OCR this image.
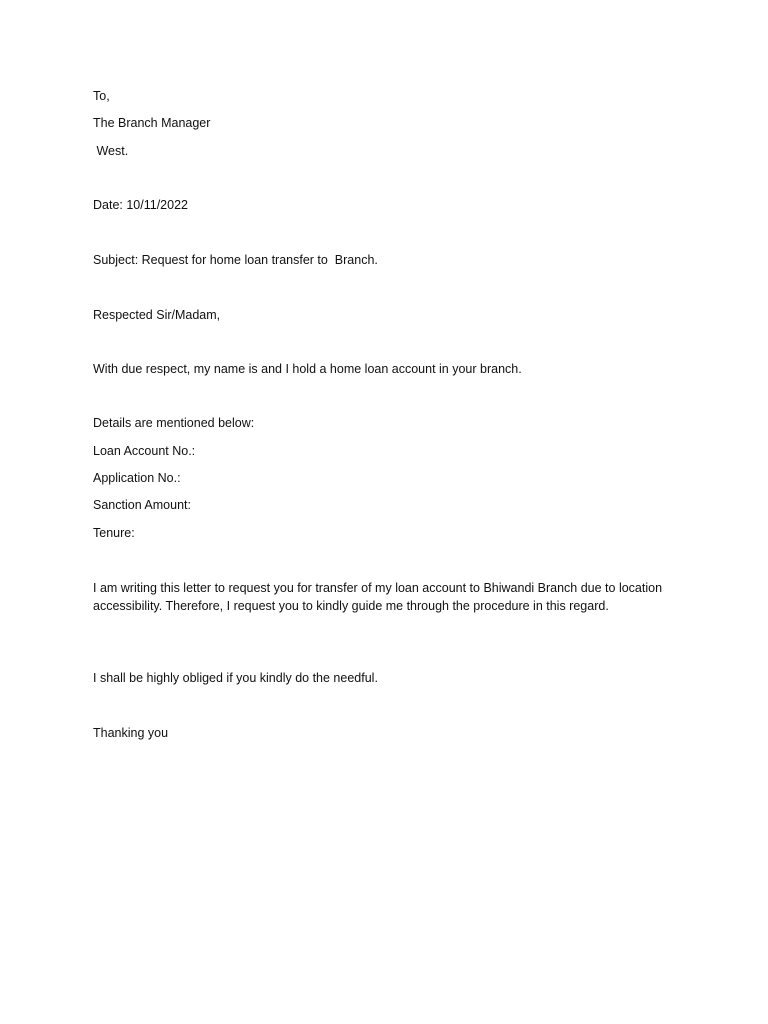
To,
The Branch Manager
West.
Date: 10/11/2022
Subject: Request for home loan transfer to  Branch.
Respected Sir/Madam,
With due respect, my name is and I hold a home loan account in your branch.
Details are mentioned below:
Loan Account No.:
Application No.:
Sanction Amount:
Tenure:
I am writing this letter to request you for transfer of my loan account to Bhiwandi Branch due to location accessibility. Therefore, I request you to kindly guide me through the procedure in this regard.
I shall be highly obliged if you kindly do the needful.
Thanking you
